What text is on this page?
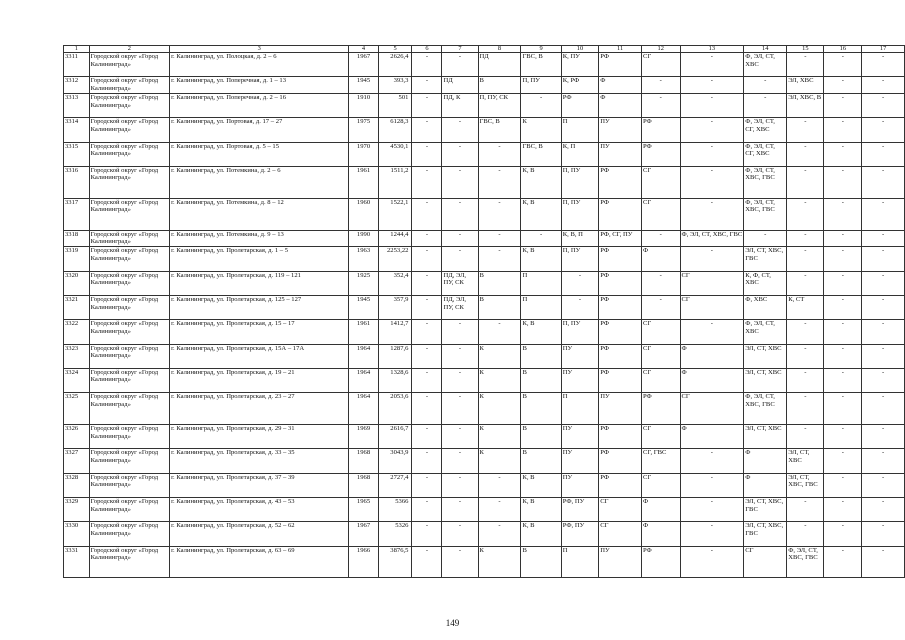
1	2	3	4	5	6	7	8	9	10	11	12	13	14	15	16	17
3311	Городской округ «Город Калининград»	г. Калининград, ул. Полоцкая, д. 2 – 6	1967	2626,4	-	-	ПД	ГВС, В	К, ПУ	РФ	СГ	-	Ф, ЭЛ, СТ, ХВС	-	-	-
3312	Городской округ «Город Калининград»	г. Калининград, ул. Поперечная, д. 1 – 13	1945	393,3	-	ПД	В	П, ПУ	К, РФ	Ф	-	-	-	ЭЛ, ХВС	-	-
3313	Городской округ «Город Калининград»	г. Калининград, ул. Поперечная, д. 2 – 16	1910	501	-	ПД, К	П, ПУ, СК	-	РФ	Ф	-	-	-	ЭЛ, ХВС, В	-	-
3314	Городской округ «Город Калининград»	г. Калининград, ул. Портовая, д. 17 – 27	1975	6128,3	-	-	ГВС, В	К	П	ПУ	РФ	-	Ф, ЭЛ, СТ, СГ, ХВС	-	-	-
3315	Городской округ «Город Калининград»	г. Калининград, ул. Портовая, д. 5 – 15	1970	4530,1	-	-	-	ГВС, В	К, П	ПУ	РФ	-	Ф, ЭЛ, СТ, СГ, ХВС	-	-	-
3316	Городской округ «Город Калининград»	г. Калининград, ул. Потемкина, д. 2 – 6	1961	1511,2	-	-	-	К, В	П, ПУ	РФ	СГ	-	Ф, ЭЛ, СТ, ХВС, ГВС	-	-	-
3317	Городской округ «Город Калининград»	г. Калининград, ул. Потемкина, д. 8 – 12	1960	1522,1	-	-	-	К, В	П, ПУ	РФ	СГ	-	Ф, ЭЛ, СТ, ХВС, ГВС	-	-	-
3318	Городской округ «Город Калининград»	г. Калининград, ул. Потемкина, д. 9 – 13	1990	1244,4	-	-	-	-	К, В, П	РФ, СГ, ПУ	-	Ф, ЭЛ, СТ, ХВС, ГВС	-	-	-	-
3319	Городской округ «Город Калининград»	г. Калининград, ул. Пролетарская, д. 1 – 5	1963	2253,22	-	-	-	К, В	П, ПУ	РФ	Ф	-	ЭЛ, СТ, ХВС, ГВС	-	-	-
3320	Городской округ «Город Калининград»	г. Калининград, ул. Пролетарская, д. 119 – 121	1925	352,4	-	ПД, ЭЛ, ПУ, СК	В	П	-	РФ	-	СГ	К, Ф, СТ, ХВС	-	-	-
3321	Городской округ «Город Калининград»	г. Калининград, ул. Пролетарская, д. 125 – 127	1945	357,9	-	ПД, ЭЛ, ПУ, СК	В	П	-	РФ	-	СГ	Ф, ХВС	К, СТ	-	-
3322	Городской округ «Город Калининград»	г. Калининград, ул. Пролетарская, д. 15 – 17	1961	1412,7	-	-	-	К, В	П, ПУ	РФ	СГ	-	Ф, ЭЛ, СТ, ХВС	-	-	-
3323	Городской округ «Город Калининград»	г. Калининград, ул. Пролетарская, д. 15А – 17А	1964	1287,6	-	-	К	В	ПУ	РФ	СГ	Ф	ЭЛ, СТ, ХВС	-	-	-
3324	Городской округ «Город Калининград»	г. Калининград, ул. Пролетарская, д. 19 – 21	1964	1328,6	-	-	К	В	ПУ	РФ	СГ	Ф	ЭЛ, СТ, ХВС	-	-	-
3325	Городской округ «Город Калининград»	г. Калининград, ул. Пролетарская, д. 23 – 27	1964	2053,6	-	-	К	В	П	ПУ	РФ	СГ	Ф, ЭЛ, СТ, ХВС, ГВС	-	-	-
3326	Городской округ «Город Калининград»	г. Калининград, ул. Пролетарская, д. 29 – 31	1969	2616,7	-	-	К	В	ПУ	РФ	СГ	Ф	ЭЛ, СТ, ХВС	-	-	-
3327	Городской округ «Город Калининград»	г. Калининград, ул. Пролетарская, д. 33 – 35	1968	3043,9	-	-	К	В	ПУ	РФ	СГ, ГВС	-	Ф	ЭЛ, СТ, ХВС	-	-
3328	Городской округ «Город Калининград»	г. Калининград, ул. Пролетарская, д. 37 – 39	1968	2727,4	-	-	-	К, В	ПУ	РФ	СГ	-	Ф	ЭЛ, СТ, ХВС, ГВС	-	-
3329	Городской округ «Город Калининград»	г. Калининград, ул. Пролетарская, д. 43 – 53	1965	5366	-	-	-	К, В	РФ, ПУ	СГ	Ф	-	ЭЛ, СТ, ХВС, ГВС	-	-	-
3330	Городской округ «Город Калининград»	г. Калининград, ул. Пролетарская, д. 52 – 62	1967	5326	-	-	-	К, В	РФ, ПУ	СГ	Ф	-	ЭЛ, СТ, ХВС, ГВС	-	-	-
3331	Городской округ «Город Калининград»	г. Калининград, ул. Пролетарская, д. 63 – 69	1966	3876,5	-	-	К	В	П	ПУ	РФ	-	СГ	Ф, ЭЛ, СТ, ХВС, ГВС	-	-
149
